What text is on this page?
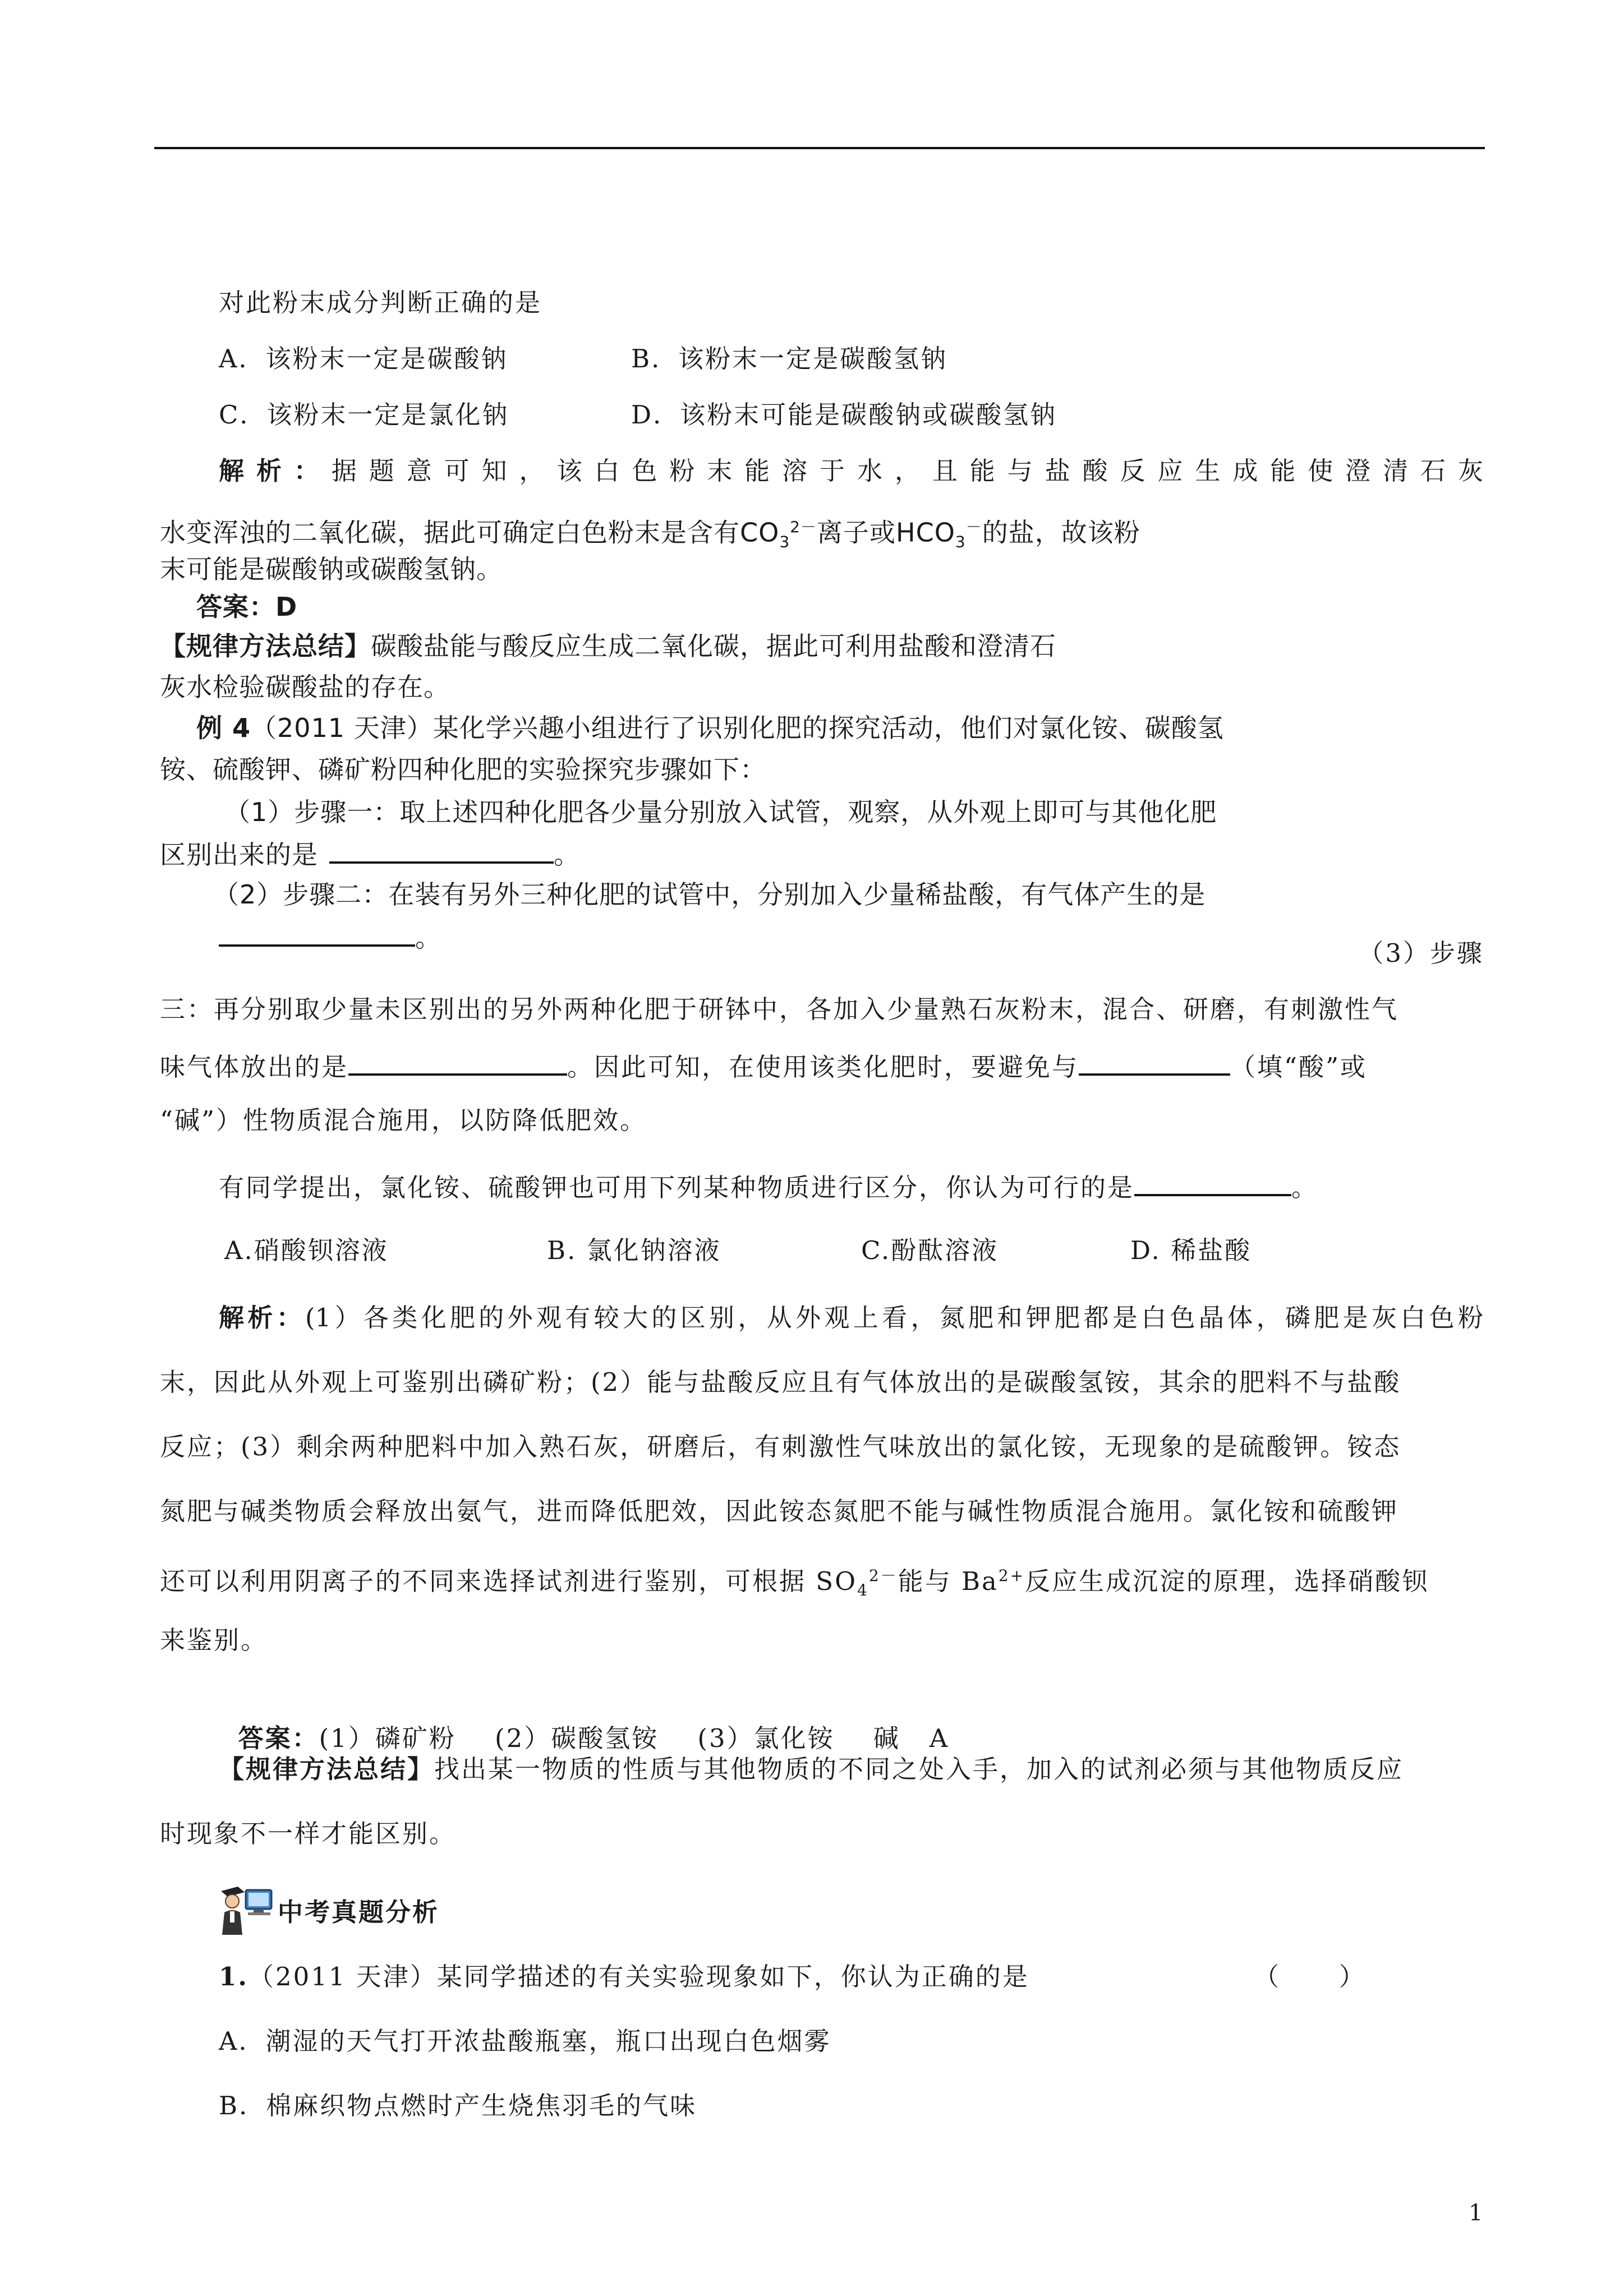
对此粉末成分判断正确的是
A．该粉末一定是碳酸钠	B．该粉末一定是碳酸氢钠
C．该粉末一定是氯化钠	D．该粉末可能是碳酸钠或碳酸氢钠
解析：据题意可知，该白色粉末能溶于水，且能与盐酸反应生成能使澄清石灰
水变浑浊的二氧化碳，据此可确定白色粉末是含有$CO_3^{2-}$离子或$HCO_3^-$的盐，故该粉
末可能是碳酸钠或碳酸氢钠。
答案：D
【规律方法总结】碳酸盐能与酸反应生成二氧化碳，据此可利用盐酸和澄清石
灰水检验碳酸盐的存在。
例 4（2011 天津）某化学兴趣小组进行了识别化肥的探究活动，他们对氯化铵、碳酸氢
铵、硫酸钾、磷矿粉四种化肥的实验探究步骤如下：
（1）步骤一：取上述四种化肥各少量分别放入试管，观察，从外观上即可与其他化肥
区别出来的是	。
（2）步骤二：在装有另外三种化肥的试管中，分别加入少量稀盐酸，有气体产生的是
。
（3）步骤
三：再分别取少量未区别出的另外两种化肥于研钵中，各加入少量熟石灰粉末，混合、研磨，有刺激性气
味气体放出的是	。因此可知，在使用该类化肥时，要避免与	（填“酸”或
“碱”）性物质混合施用，以防降低肥效。
有同学提出，氯化铵、硫酸钾也可用下列某种物质进行区分，你认为可行的是	。
A.硝酸钡溶液	B. 氯化钠溶液	C.酚酞溶液	D. 稀盐酸
解析：(1）各类化肥的外观有较大的区别，从外观上看，氮肥和钾肥都是白色晶体，磷肥是灰白色粉
末，因此从外观上可鉴别出磷矿粉；(2）能与盐酸反应且有气体放出的是碳酸氢铵，其余的肥料不与盐酸
反应；(3）剩余两种肥料中加入熟石灰，研磨后，有刺激性气味放出的氯化铵，无现象的是硫酸钾。铵态
氮肥与碱类物质会释放出氨气，进而降低肥效，因此铵态氮肥不能与碱性物质混合施用。氯化铵和硫酸钾
还可以利用阴离子的不同来选择试剂进行鉴别，可根据 $SO_4^{2-}$能与 $Ba^{2+}$反应生成沉淀的原理，选择硝酸钡
来鉴别。

答案：(1）磷矿粉    (2）碳酸氢铵    (3）氯化铵    碱   A

【规律方法总结】找出某一物质的性质与其他物质的不同之处入手，加入的试剂必须与其他物质反应
时现象不一样才能区别。
中考真题分析
1.（2011 天津）某同学描述的有关实验现象如下，你认为正确的是	（      ）
A．潮湿的天气打开浓盐酸瓶塞，瓶口出现白色烟雾
B．棉麻织物点燃时产生烧焦羽毛的气味
1
